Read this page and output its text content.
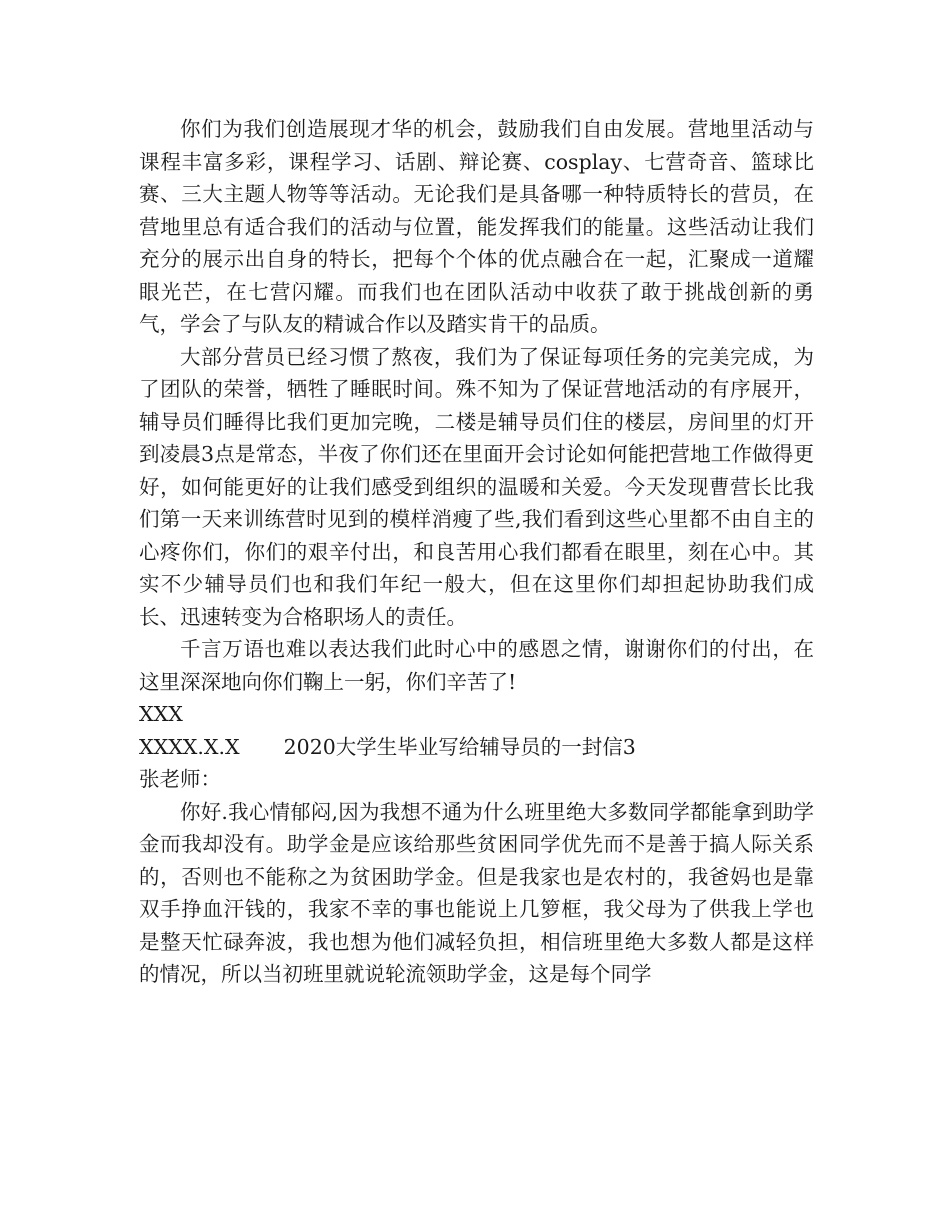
你们为我们创造展现才华的机会，鼓励我们自由发展。营地里活动与课程丰富多彩，课程学习、话剧、辩论赛、cosplay、七营奇音、篮球比赛、三大主题人物等等活动。无论我们是具备哪一种特质特长的营员，在营地里总有适合我们的活动与位置，能发挥我们的能量。这些活动让我们充分的展示出自身的特长，把每个个体的优点融合在一起，汇聚成一道耀眼光芒，在七营闪耀。而我们也在团队活动中收获了敢于挑战创新的勇气，学会了与队友的精诚合作以及踏实肯干的品质。

大部分营员已经习惯了熬夜，我们为了保证每项任务的完美完成，为了团队的荣誉，牺牲了睡眠时间。殊不知为了保证营地活动的有序展开，辅导员们睡得比我们更加完晚，二楼是辅导员们住的楼层，房间里的灯开到凌晨3点是常态，半夜了你们还在里面开会讨论如何能把营地工作做得更好，如何能更好的让我们感受到组织的温暖和关爱。今天发现曹营长比我们第一天来训练营时见到的模样消瘦了些,我们看到这些心里都不由自主的心疼你们，你们的艰辛付出，和良苦用心我们都看在眼里，刻在心中。其实不少辅导员们也和我们年纪一般大，但在这里你们却担起协助我们成长、迅速转变为合格职场人的责任。

千言万语也难以表达我们此时心中的感恩之情，谢谢你们的付出，在这里深深地向你们鞠上一躬，你们辛苦了!

XXX

XXXX.X.X 2020大学生毕业写给辅导员的一封信3

张老师：

你好.我心情郁闷,因为我想不通为什么班里绝大多数同学都能拿到助学金而我却没有。助学金是应该给那些贫困同学优先而不是善于搞人际关系的，否则也不能称之为贫困助学金。但是我家也是农村的，我爸妈也是靠双手挣血汗钱的，我家不幸的事也能说上几箩框，我父母为了供我上学也是整天忙碌奔波，我也想为他们减轻负担，相信班里绝大多数人都是这样的情况，所以当初班里就说轮流领助学金，这是每个同学
